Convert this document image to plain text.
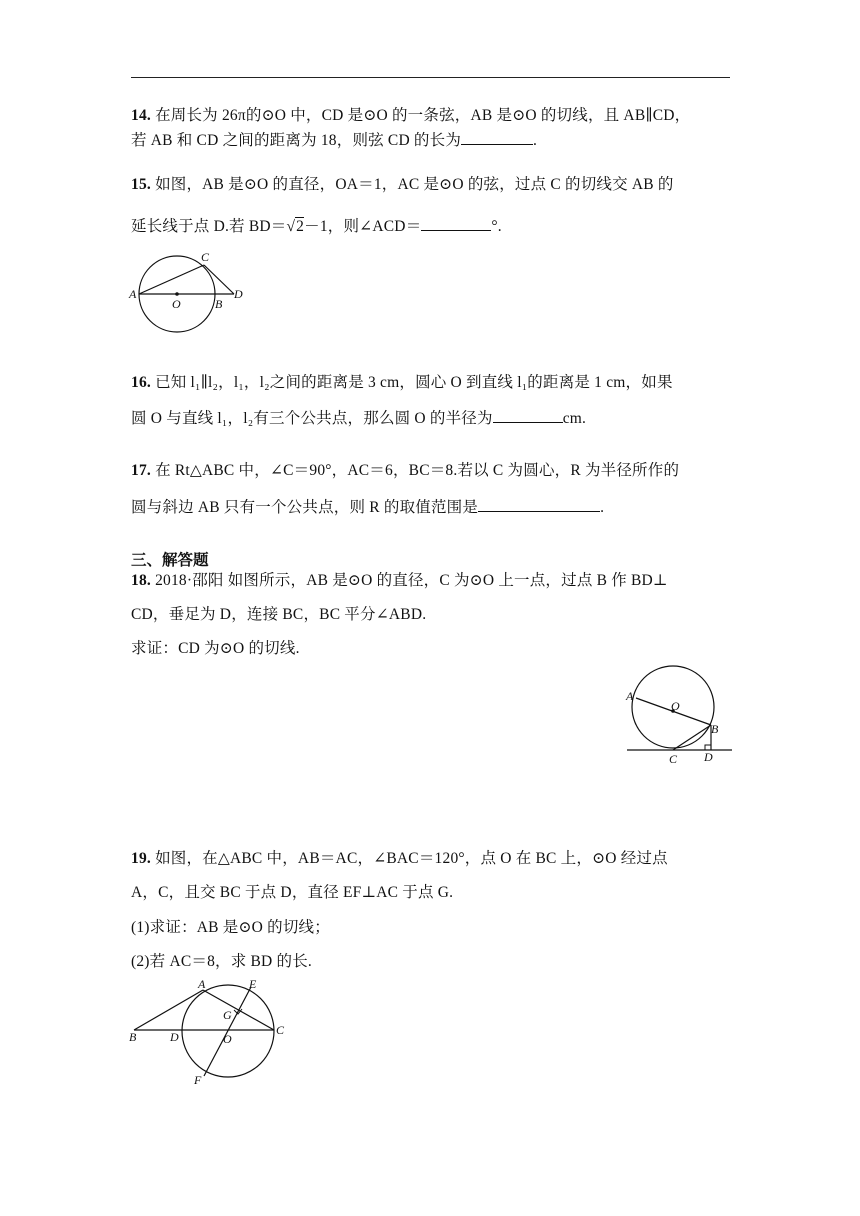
14. 在周长为 26π的⊙O 中，CD 是⊙O 的一条弦，AB 是⊙O 的切线，且 AB∥CD，
若 AB 和 CD 之间的距离为 18，则弦 CD 的长为	.
15. 如图，AB 是⊙O 的直径，OA＝1，AC 是⊙O 的弦，过点 C 的切线交 AB 的
延长线于点 D.若 BD＝√2－1，则∠ACD＝	°.
A
C
O	B
D
16. 已知 l₁∥l₂，l₁，l₂之间的距离是 3 cm，圆心 O 到直线 l₁的距离是 1 cm，如果
圆 O 与直线 l₁，l₂有三个公共点，那么圆 O 的半径为	cm.
17. 在 Rt△ABC 中，∠C＝90°，AC＝6，BC＝8.若以 C 为圆心，R 为半径所作的
圆与斜边 AB 只有一个公共点，则 R 的取值范围是	.
三、解答题
18. 2018·邵阳 如图所示，AB 是⊙O 的直径，C 为⊙O 上一点，过点 B 作 BD⊥
CD，垂足为 D，连接 BC，BC 平分∠ABD.
求证：CD 为⊙O 的切线.
A
O
B
C D
19. 如图，在△ABC 中，AB＝AC，∠BAC＝120°，点 O 在 BC 上，⊙O 经过点
A，C，且交 BC 于点 D，直径 EF⊥AC 于点 G.
(1)求证：AB 是⊙O 的切线；
(2)若 AC＝8，求 BD 的长.
A	E
G
B	D	O
C
F
